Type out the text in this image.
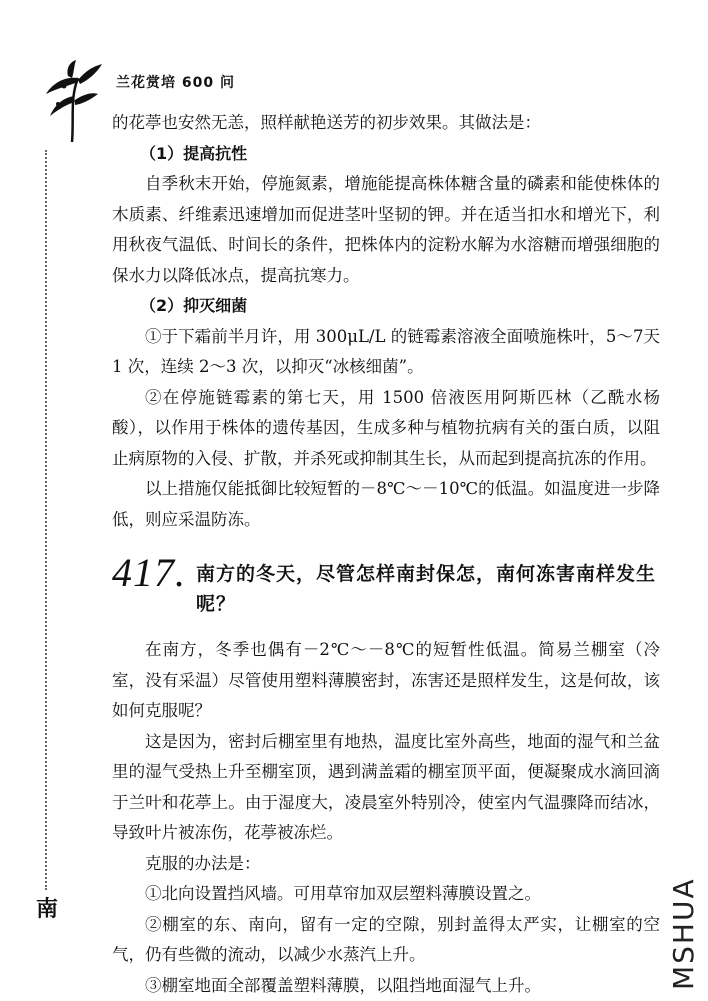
兰花赏培 600 问
南

的花葶也安然无恙，照样献艳送芳的初步效果。其做法是：

（1）提高抗性

自季秋末开始，停施氮素，增施能提高株体糖含量的磷素和能使株体的木质素、纤维素迅速增加而促进茎叶坚韧的钾。并在适当扣水和增光下，利用秋夜气温低、时间长的条件，把株体内的淀粉水解为水溶糖而增强细胞的保水力以降低冰点，提高抗寒力。

（2）抑灭细菌

①于下霜前半月许，用 300μL/L 的链霉素溶液全面喷施株叶，5～7天 1 次，连续 2～3 次，以抑灭“冰核细菌”。

②在停施链霉素的第七天，用 1500 倍液医用阿斯匹林（乙酰水杨酸），以作用于株体的遗传基因，生成多种与植物抗病有关的蛋白质，以阻止病原物的入侵、扩散，并杀死或抑制其生长，从而起到提高抗冻的作用。

以上措施仅能抵御比较短暂的－8℃～－10℃的低温。如温度进一步降低，则应采温防冻。

417. 南方的冬天，尽管怎样南封保怎，南何冻害南样发生呢？

在南方，冬季也偶有－2℃～－8℃的短暂性低温。简易兰棚室（冷室，没有采温）尽管使用塑料薄膜密封，冻害还是照样发生，这是何故，该如何克服呢？

这是因为，密封后棚室里有地热，温度比室外高些，地面的湿气和兰盆里的湿气受热上升至棚室顶，遇到满盖霜的棚室顶平面，便凝聚成水滴回滴于兰叶和花葶上。由于湿度大，凌晨室外特别冷，使室内气温骤降而结冰，导致叶片被冻伤，花葶被冻烂。

克服的办法是：

①北向设置挡风墙。可用草帘加双层塑料薄膜设置之。

②棚室的东、南向，留有一定的空隙，别封盖得太严实，让棚室的空气，仍有些微的流动，以减少水蒸汽上升。

③棚室地面全部覆盖塑料薄膜，以阻挡地面湿气上升。	MSHUA
